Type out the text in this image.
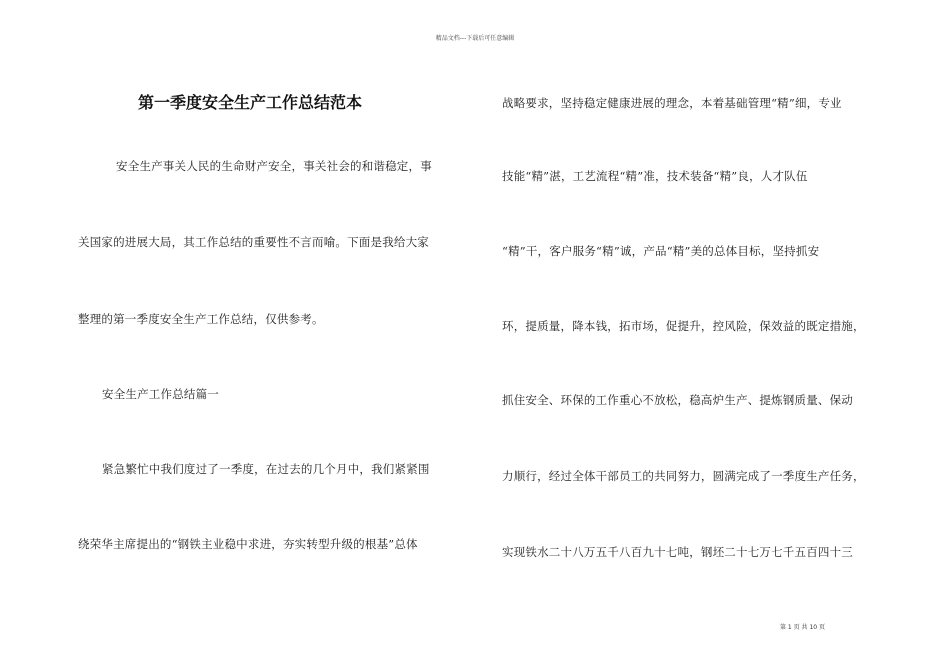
精品文档---下载后可任意编辑
第一季度安全生产工作总结范本
安全生产事关人民的生命财产安全，事关社会的和谐稳定，事
关国家的进展大局，其工作总结的重要性不言而喻。下面是我给大家
整理的第一季度安全生产工作总结，仅供参考。
安全生产工作总结篇一
紧急繁忙中我们度过了一季度，在过去的几个月中，我们紧紧围
绕荣华主席提出的“钢铁主业稳中求进，夯实转型升级的根基”总体
战略要求，坚持稳定健康进展的理念，本着基础管理“精”细，专业
技能“精”湛，工艺流程“精”准，技术装备“精”良，人才队伍
“精”干，客户服务“精”诚，产品“精”美的总体目标，坚持抓安
环，提质量，降本钱，拓市场，促提升，控风险，保效益的既定措施，
抓住安全、环保的工作重心不放松，稳高炉生产、提炼钢质量、保动
力顺行，经过全体干部员工的共同努力，圆满完成了一季度生产任务，
实现铁水二十八万五千八百九十七吨，钢坯二十七万七千五百四十三
第 1 页 共 10 页
